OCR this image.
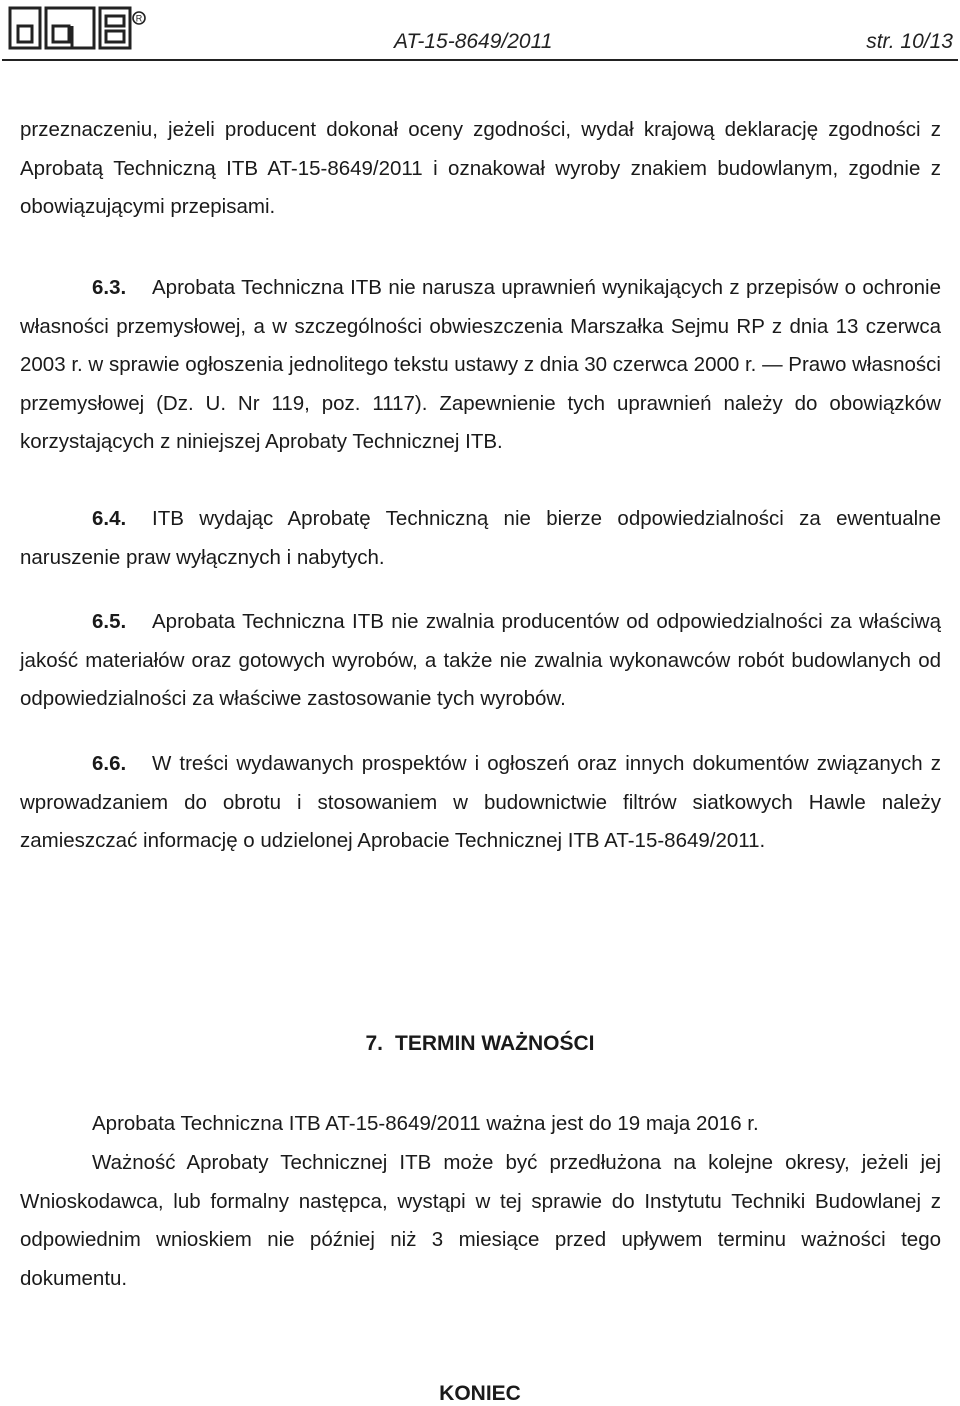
R
AT-15-8649/2011	str. 10/13

przeznaczeniu, jeżeli producent dokonał oceny zgodności, wydał krajową deklarację zgodności z Aprobatą Techniczną ITB AT-15-8649/2011 i oznakował wyroby znakiem budowlanym, zgodnie z obowiązującymi przepisami.

6.3. Aprobata Techniczna ITB nie narusza uprawnień wynikających z przepisów o ochronie własności przemysłowej, a w szczególności obwieszczenia Marszałka Sejmu RP z dnia 13 czerwca 2003 r. w sprawie ogłoszenia jednolitego tekstu ustawy z dnia 30 czerwca 2000 r. ― Prawo własności przemysłowej (Dz. U. Nr 119, poz. 1117). Zapewnienie tych uprawnień należy do obowiązków korzystających z niniejszej Aprobaty Technicznej ITB.

6.4. ITB wydając Aprobatę Techniczną nie bierze odpowiedzialności za ewentualne naruszenie praw wyłącznych i nabytych.

6.5. Aprobata Techniczna ITB nie zwalnia producentów od odpowiedzialności za właściwą jakość materiałów oraz gotowych wyrobów, a także nie zwalnia wykonawców robót budowlanych od odpowiedzialności za właściwe zastosowanie tych wyrobów.

6.6. W treści wydawanych prospektów i ogłoszeń oraz innych dokumentów związanych z wprowadzaniem do obrotu i stosowaniem w budownictwie filtrów siatkowych Hawle należy zamieszczać informację o udzielonej Aprobacie Technicznej ITB AT-15-8649/2011.

7. TERMIN WAŻNOŚCI

Aprobata Techniczna ITB AT-15-8649/2011 ważna jest do 19 maja 2016 r.

Ważność Aprobaty Technicznej ITB może być przedłużona na kolejne okresy, jeżeli jej Wnioskodawca, lub formalny następca, wystąpi w tej sprawie do Instytutu Techniki Budowlanej z odpowiednim wnioskiem nie później niż 3 miesiące przed upływem terminu ważności tego dokumentu.

KONIEC
